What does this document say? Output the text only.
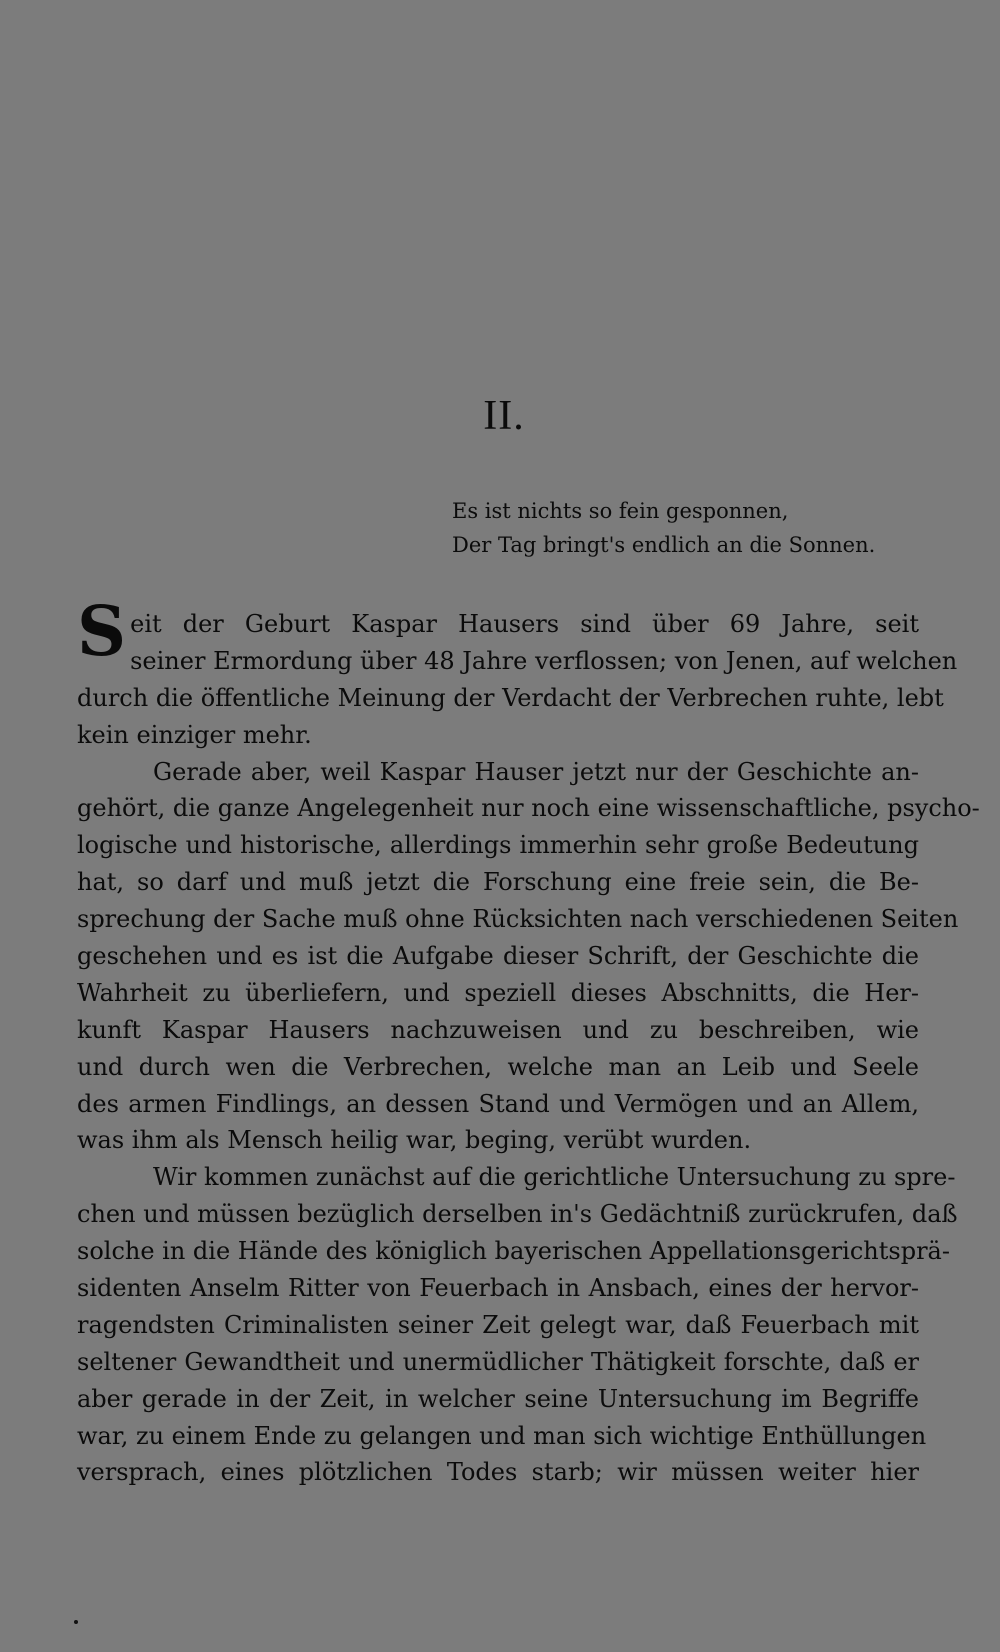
II.
Es ist nichts so fein gesponnen,
Der Tag bringt's endlich an die Sonnen.
S eit der Geburt Kaspar Hausers sind über 69 Jahre, seit
seiner Ermordung über 48 Jahre verflossen; von Jenen, auf welchen
durch die öffentliche Meinung der Verdacht der Verbrechen ruhte, lebt
kein einziger mehr.
Gerade aber, weil Kaspar Hauser jetzt nur der Geschichte an-
gehört, die ganze Angelegenheit nur noch eine wissenschaftliche, psycho-
logische und historische, allerdings immerhin sehr große Bedeutung
hat, so darf und muß jetzt die Forschung eine freie sein, die Be-
sprechung der Sache muß ohne Rücksichten nach verschiedenen Seiten
geschehen und es ist die Aufgabe dieser Schrift, der Geschichte die
Wahrheit zu überliefern, und speziell dieses Abschnitts, die Her-
kunft Kaspar Hausers nachzuweisen und zu beschreiben, wie
und durch wen die Verbrechen, welche man an Leib und Seele
des armen Findlings, an dessen Stand und Vermögen und an Allem,
was ihm als Mensch heilig war, beging, verübt wurden.
Wir kommen zunächst auf die gerichtliche Untersuchung zu spre-
chen und müssen bezüglich derselben in's Gedächtniß zurückrufen, daß
solche in die Hände des königlich bayerischen Appellationsgerichtsprä-
sidenten Anselm Ritter von Feuerbach in Ansbach, eines der hervor-
ragendsten Criminalisten seiner Zeit gelegt war, daß Feuerbach mit
seltener Gewandtheit und unermüdlicher Thätigkeit forschte, daß er
aber gerade in der Zeit, in welcher seine Untersuchung im Begriffe
war, zu einem Ende zu gelangen und man sich wichtige Enthüllungen
versprach, eines plötzlichen Todes starb; wir müssen weiter hier
